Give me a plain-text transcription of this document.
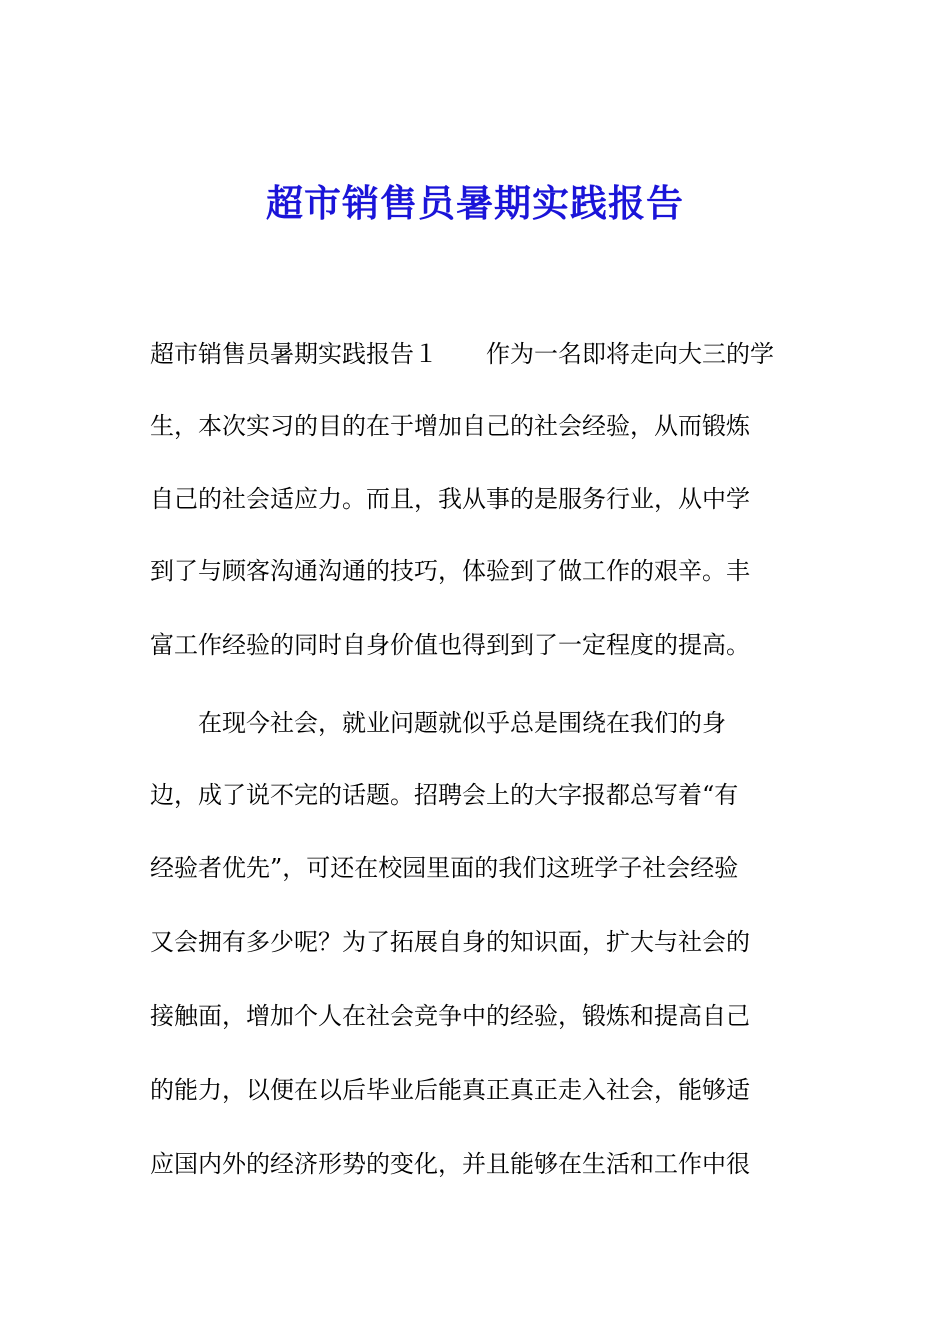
超市销售员暑期实践报告

超市销售员暑期实践报告１　　作为一名即将走向大三的学

生，本次实习的目的在于增加自己的社会经验，从而锻炼

自己的社会适应力。而且，我从事的是服务行业，从中学

到了与顾客沟通沟通的技巧，体验到了做工作的艰辛。丰

富工作经验的同时自身价值也得到到了一定程度的提高。

　　在现今社会，就业问题就似乎总是围绕在我们的身

边，成了说不完的话题。招聘会上的大字报都总写着“有

经验者优先”，可还在校园里面的我们这班学子社会经验

又会拥有多少呢？为了拓展自身的知识面，扩大与社会的

接触面，增加个人在社会竞争中的经验，锻炼和提高自己

的能力，以便在以后毕业后能真正真正走入社会，能够适

应国内外的经济形势的变化，并且能够在生活和工作中很
